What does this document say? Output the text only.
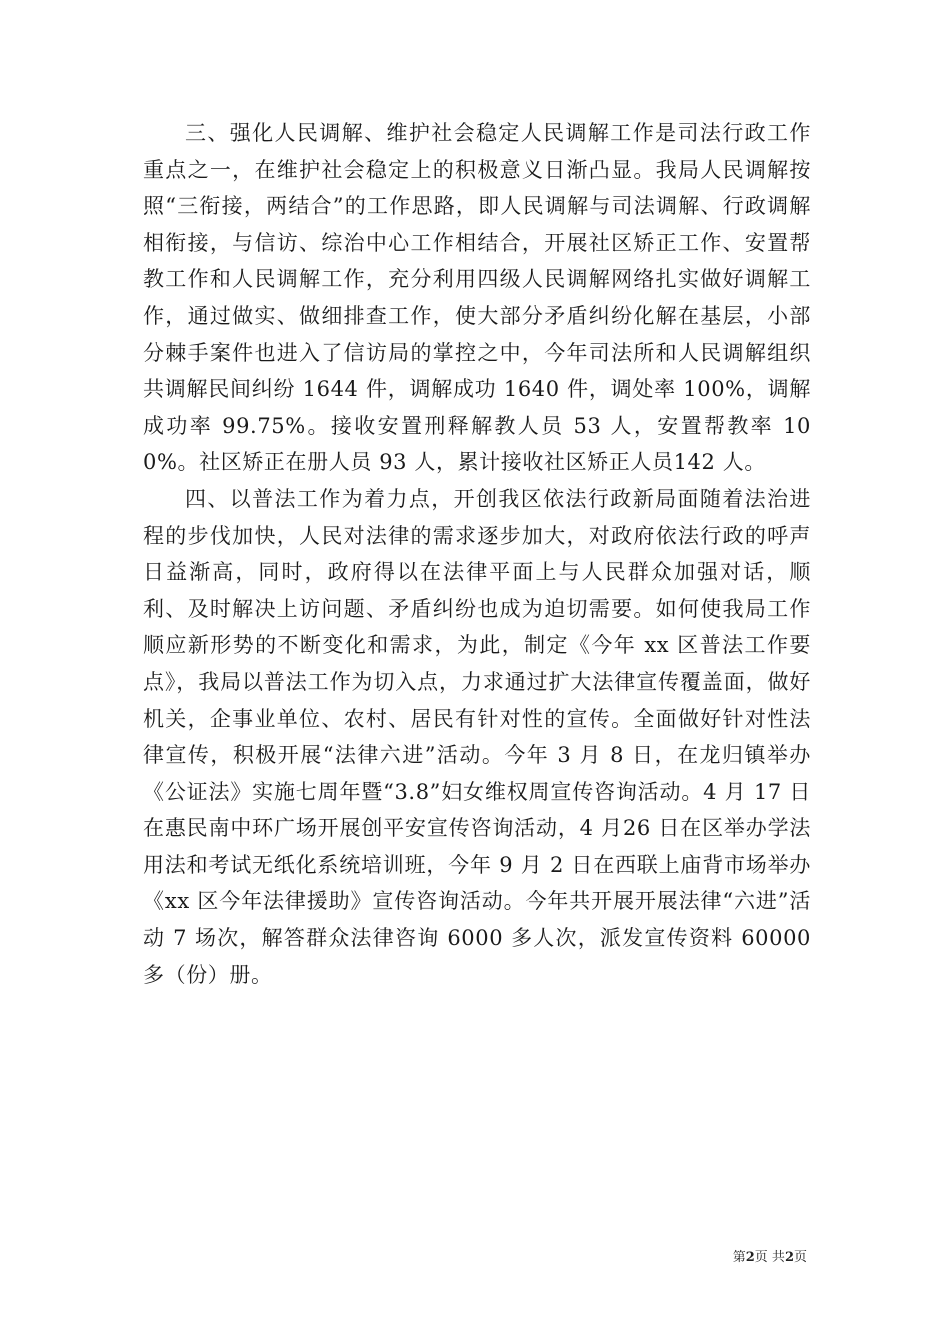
三、强化人民调解、维护社会稳定人民调解工作是司法行政工作重点之一，在维护社会稳定上的积极意义日渐凸显。我局人民调解按照“三衔接，两结合”的工作思路，即人民调解与司法调解、行政调解相衔接，与信访、综治中心工作相结合，开展社区矫正工作、安置帮教工作和人民调解工作，充分利用四级人民调解网络扎实做好调解工作，通过做实、做细排查工作，使大部分矛盾纠纷化解在基层，小部分棘手案件也进入了信访局的掌控之中，今年司法所和人民调解组织共调解民间纠纷 1644 件，调解成功 1640 件，调处率 100%，调解成功率 99.75%。接收安置刑释解教人员 53 人，安置帮教率 100%。社区矫正在册人员 93 人，累计接收社区矫正人员142 人。

四、以普法工作为着力点，开创我区依法行政新局面随着法治进程的步伐加快，人民对法律的需求逐步加大，对政府依法行政的呼声日益渐高，同时，政府得以在法律平面上与人民群众加强对话，顺利、及时解决上访问题、矛盾纠纷也成为迫切需要。如何使我局工作顺应新形势的不断变化和需求，为此，制定《今年 xx 区普法工作要点》，我局以普法工作为切入点，力求通过扩大法律宣传覆盖面，做好机关，企事业单位、农村、居民有针对性的宣传。全面做好针对性法律宣传，积极开展“法律六进”活动。今年 3 月 8 日，在龙归镇举办《公证法》实施七周年暨“3.8”妇女维权周宣传咨询活动。4 月 17 日在惠民南中环广场开展创平安宣传咨询活动，4 月26 日在区举办学法用法和考试无纸化系统培训班，今年 9 月 2 日在西联上庙背市场举办《xx 区今年法律援助》宣传咨询活动。今年共开展开展法律“六进”活动 7 场次，解答群众法律咨询 6000 多人次，派发宣传资料 60000 多（份）册。

第2页 共2页
